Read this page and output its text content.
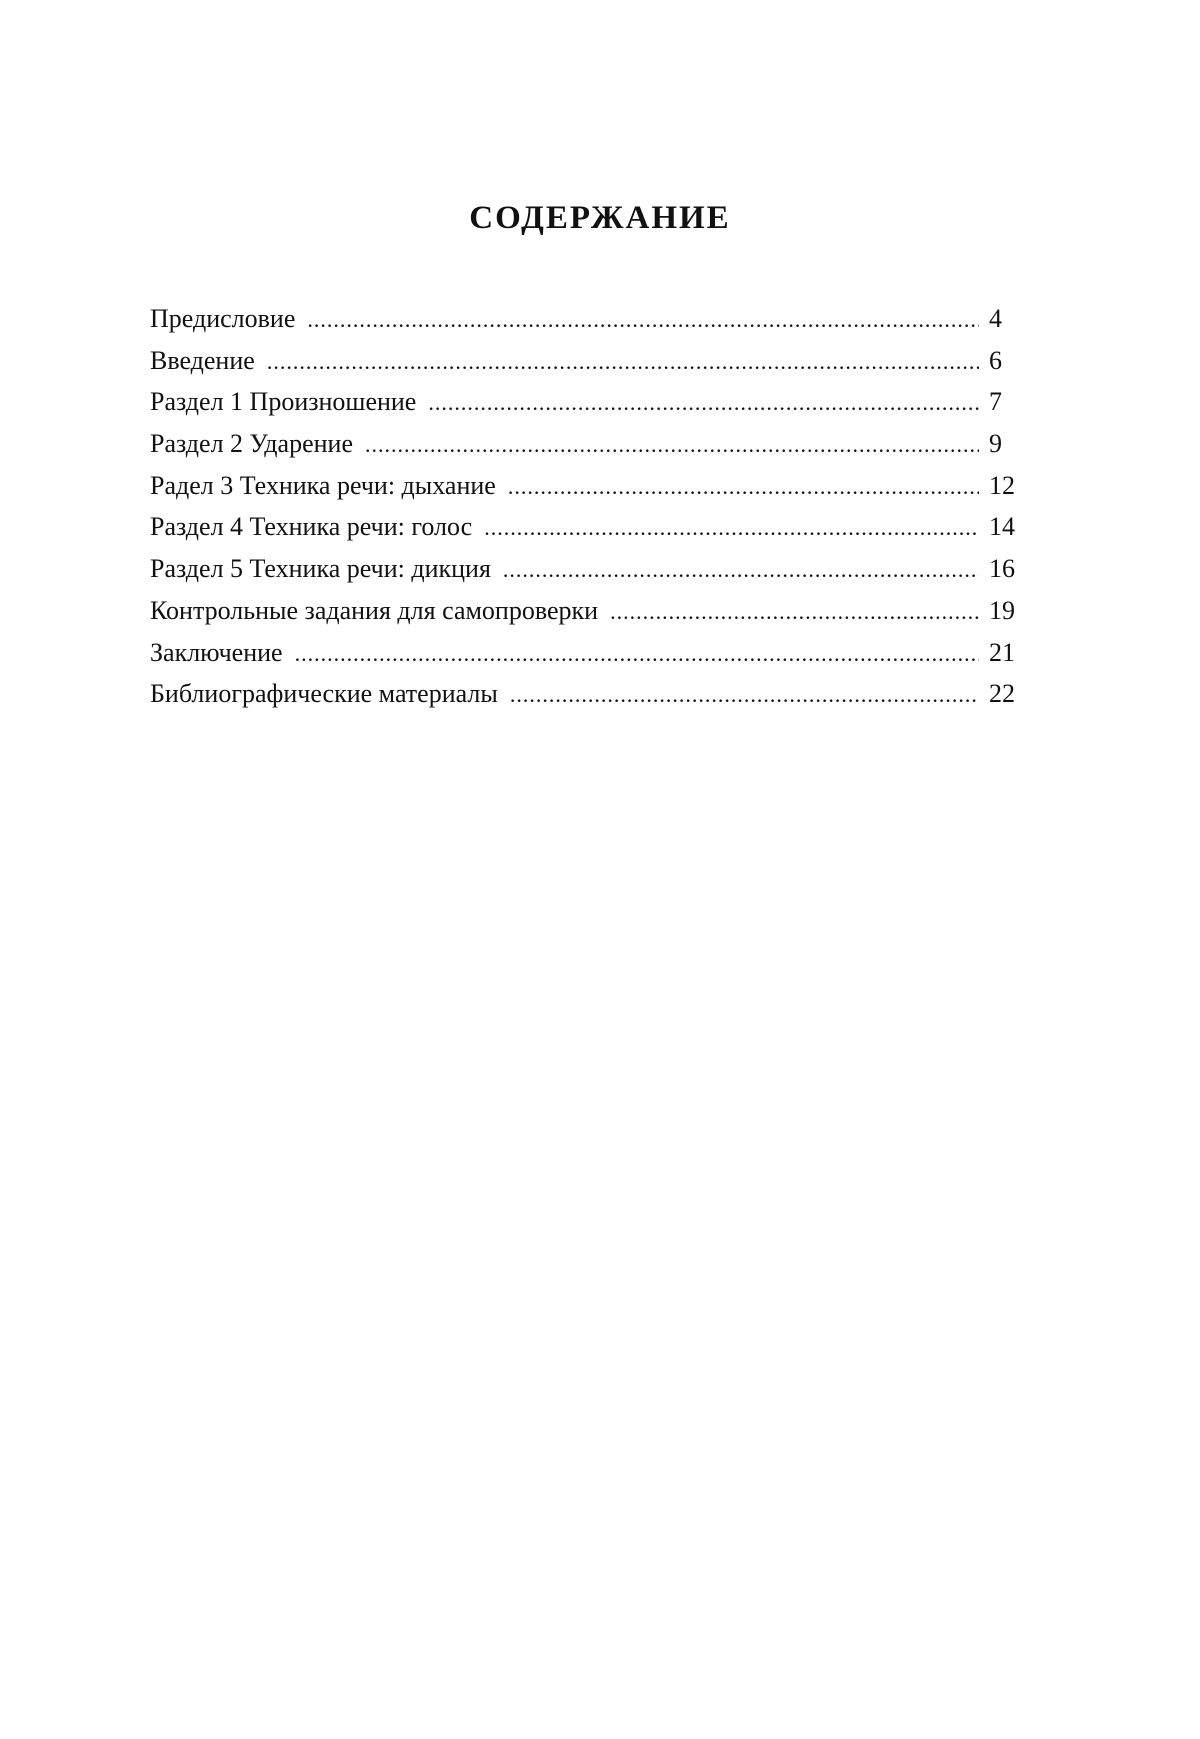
СОДЕРЖАНИЕ
Предисловие .....	4
Введение .....	6
Раздел 1 Произношение .....	7
Раздел 2 Ударение .....	9
Радел 3 Техника речи: дыхание .....	12
Раздел 4 Техника речи: голос .....	14
Раздел 5 Техника речи: дикция .....	16
Контрольные задания для самопроверки .....	19
Заключение .....	21
Библиографические материалы .....	22
